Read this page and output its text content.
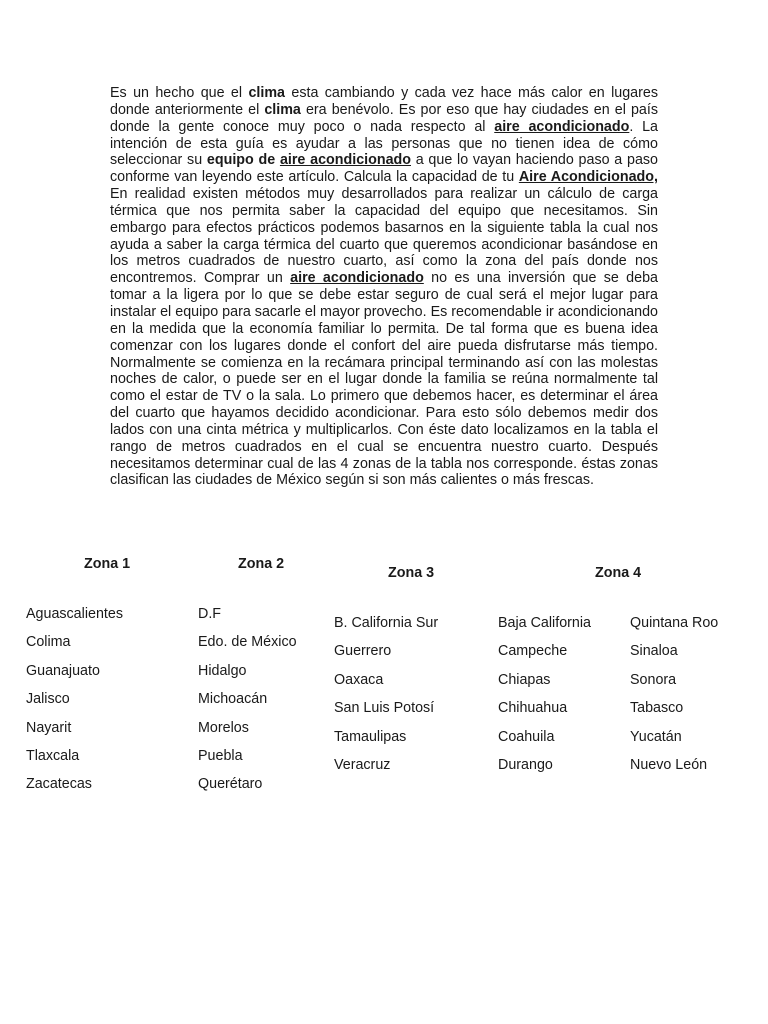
Es un hecho que el clima esta cambiando y cada vez hace más calor en lugares donde anteriormente el clima era benévolo. Es por eso que hay ciudades en el país donde la gente conoce muy poco o nada respecto al aire acondicionado. La intención de esta guía es ayudar a las personas que no tienen idea de cómo seleccionar su equipo de aire acondicionado a que lo vayan haciendo paso a paso conforme van leyendo este artículo. Calcula la capacidad de tu Aire Acondicionado, En realidad existen métodos muy desarrollados para realizar un cálculo de carga térmica que nos permita saber la capacidad del equipo que necesitamos. Sin embargo para efectos prácticos podemos basarnos en la siguiente tabla la cual nos ayuda a saber la carga térmica del cuarto que queremos acondicionar basándose en los metros cuadrados de nuestro cuarto, así como la zona del país donde nos encontremos. Comprar un aire acondicionado no es una inversión que se deba tomar a la ligera por lo que se debe estar seguro de cual será el mejor lugar para instalar el equipo para sacarle el mayor provecho. Es recomendable ir acondicionando en la medida que la economía familiar lo permita. De tal forma que es buena idea comenzar con los lugares donde el confort del aire pueda disfrutarse más tiempo. Normalmente se comienza en la recámara principal terminando así con las molestas noches de calor, o puede ser en el lugar donde la familia se reúna normalmente tal como el estar de TV o la sala. Lo primero que debemos hacer, es determinar el área del cuarto que hayamos decidido acondicionar. Para esto sólo debemos medir dos lados con una cinta métrica y multiplicarlos. Con éste dato localizamos en la tabla el rango de metros cuadrados en el cual se encuentra nuestro cuarto. Después necesitamos determinar cual de las 4 zonas de la tabla nos corresponde. éstas zonas clasifican las ciudades de México según si son más calientes o más frescas.

Zona 1	Zona 2

Zona 3	Zona 4

Aguascalientes
Colima
Guanajuato
Jalisco
Nayarit
Tlaxcala
Zacatecas
D.F
Edo. de México
Hidalgo
Michoacán
Morelos
Puebla
Querétaro
B. California Sur
Guerrero
Oaxaca
San Luis Potosí
Tamaulipas
Veracruz
Baja California
Campeche
Chiapas
Chihuahua
Coahuila
Durango
Quintana Roo
Sinaloa
Sonora
Tabasco
Yucatán
Nuevo León
